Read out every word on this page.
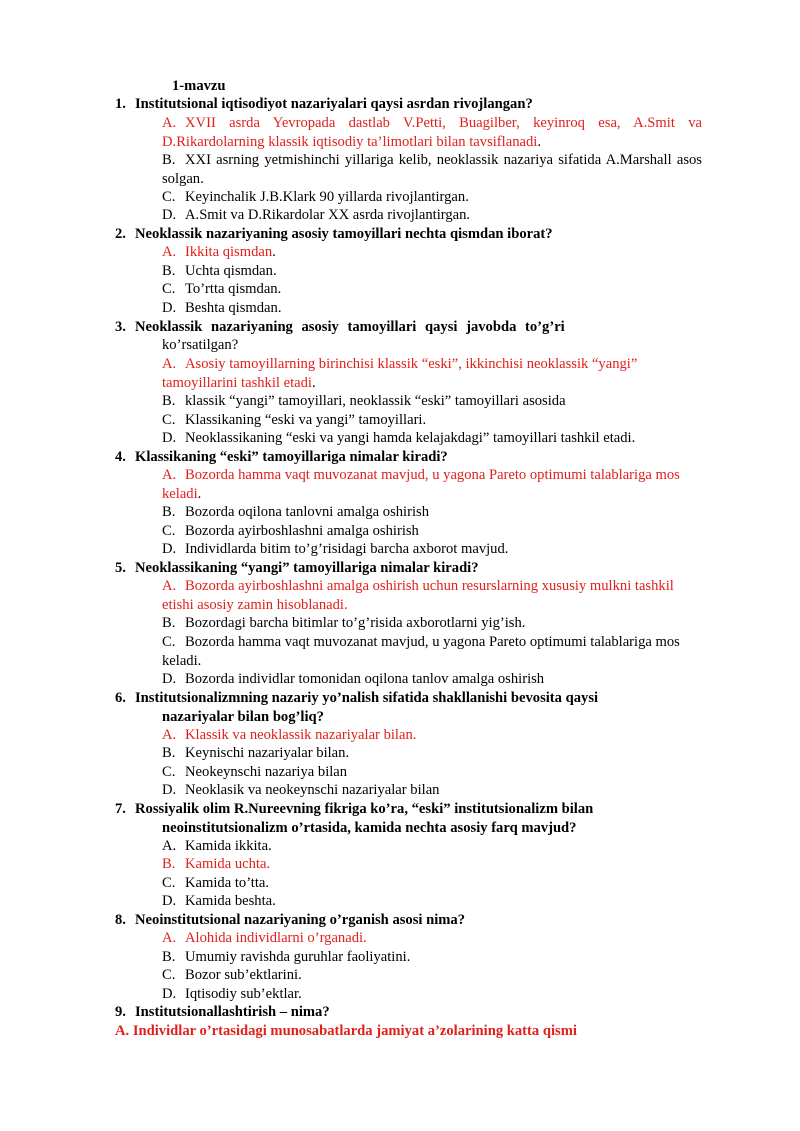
1-mavzu
1. Institutsional iqtisodiyot nazariyalari qaysi asrdan rivojlangan?
A. XVII asrda Yevropada dastlab V.Petti, Buagilber, keyinroq esa, A.Smit va D.Rikardolarning klassik iqtisodiy ta’limotlari bilan tavsiflanadi.
B. XXI asrning yetmishinchi yillariga kelib, neoklassik nazariya sifatida A.Marshall asos solgan.
C. Keyinchalik J.B.Klark 90 yillarda rivojlantirgan.
D. A.Smit va D.Rikardolar XX asrda rivojlantirgan.
2. Neoklassik nazariyaning asosiy tamoyillari nechta qismdan iborat?
A. Ikkita qismdan.
B. Uchta qismdan.
C. To’rtta qismdan.
D. Beshta qismdan.
3. Neoklassik nazariyaning asosiy tamoyillari qaysi javobda to’g’ri
ko’rsatilgan?
A. Asosiy tamoyillarning birinchisi klassik “eski”, ikkinchisi neoklassik “yangi” tamoyillarini tashkil etadi.
B. klassik “yangi” tamoyillari, neoklassik “eski” tamoyillari asosida
C. Klassikaning “eski va yangi” tamoyillari.
D. Neoklassikaning “eski va yangi hamda kelajakdagi” tamoyillari tashkil etadi.
4. Klassikaning “eski” tamoyillariga nimalar kiradi?
A. Bozorda hamma vaqt muvozanat mavjud, u yagona Pareto optimumi talablariga mos keladi.
B. Bozorda oqilona tanlovni amalga oshirish
C. Bozorda ayirboshlashni amalga oshirish
D. Individlarda bitim to’g’risidagi barcha axborot mavjud.
5. Neoklassikaning “yangi” tamoyillariga nimalar kiradi?
A. Bozorda ayirboshlashni amalga oshirish uchun resurslarning xususiy mulkni tashkil etishi asosiy zamin hisoblanadi.
B. Bozordagi barcha bitimlar to’g’risida axborotlarni yig’ish.
C. Bozorda hamma vaqt muvozanat mavjud, u yagona Pareto optimumi talablariga mos keladi.
D. Bozorda individlar tomonidan oqilona tanlov amalga oshirish
6. Institutsionalizmning nazariy yo’nalish sifatida shakllanishi bevosita qaysi
nazariyalar bilan bog’liq?
A. Klassik va neoklassik nazariyalar bilan.
B. Keynischi nazariyalar bilan.
C. Neokeynschi nazariya bilan
D. Neoklasik va neokeynschi nazariyalar bilan
7. Rossiyalik olim R.Nureevning fikriga ko’ra, “eski” institutsionalizm bilan
neoinstitutsionalizm o’rtasida, kamida nechta asosiy farq mavjud?
A. Kamida ikkita.
B. Kamida uchta.
C. Kamida to’tta.
D. Kamida beshta.
8. Neoinstitutsional nazariyaning o’rganish asosi nima?
A. Alohida individlarni o’rganadi.
B. Umumiy ravishda guruhlar faoliyatini.
C. Bozor sub’ektlarini.
D. Iqtisodiy sub’ektlar.
9. Institutsionallashtirish – nima?
A. Individlar o’rtasidagi munosabatlarda jamiyat a’zolarining katta qismi
